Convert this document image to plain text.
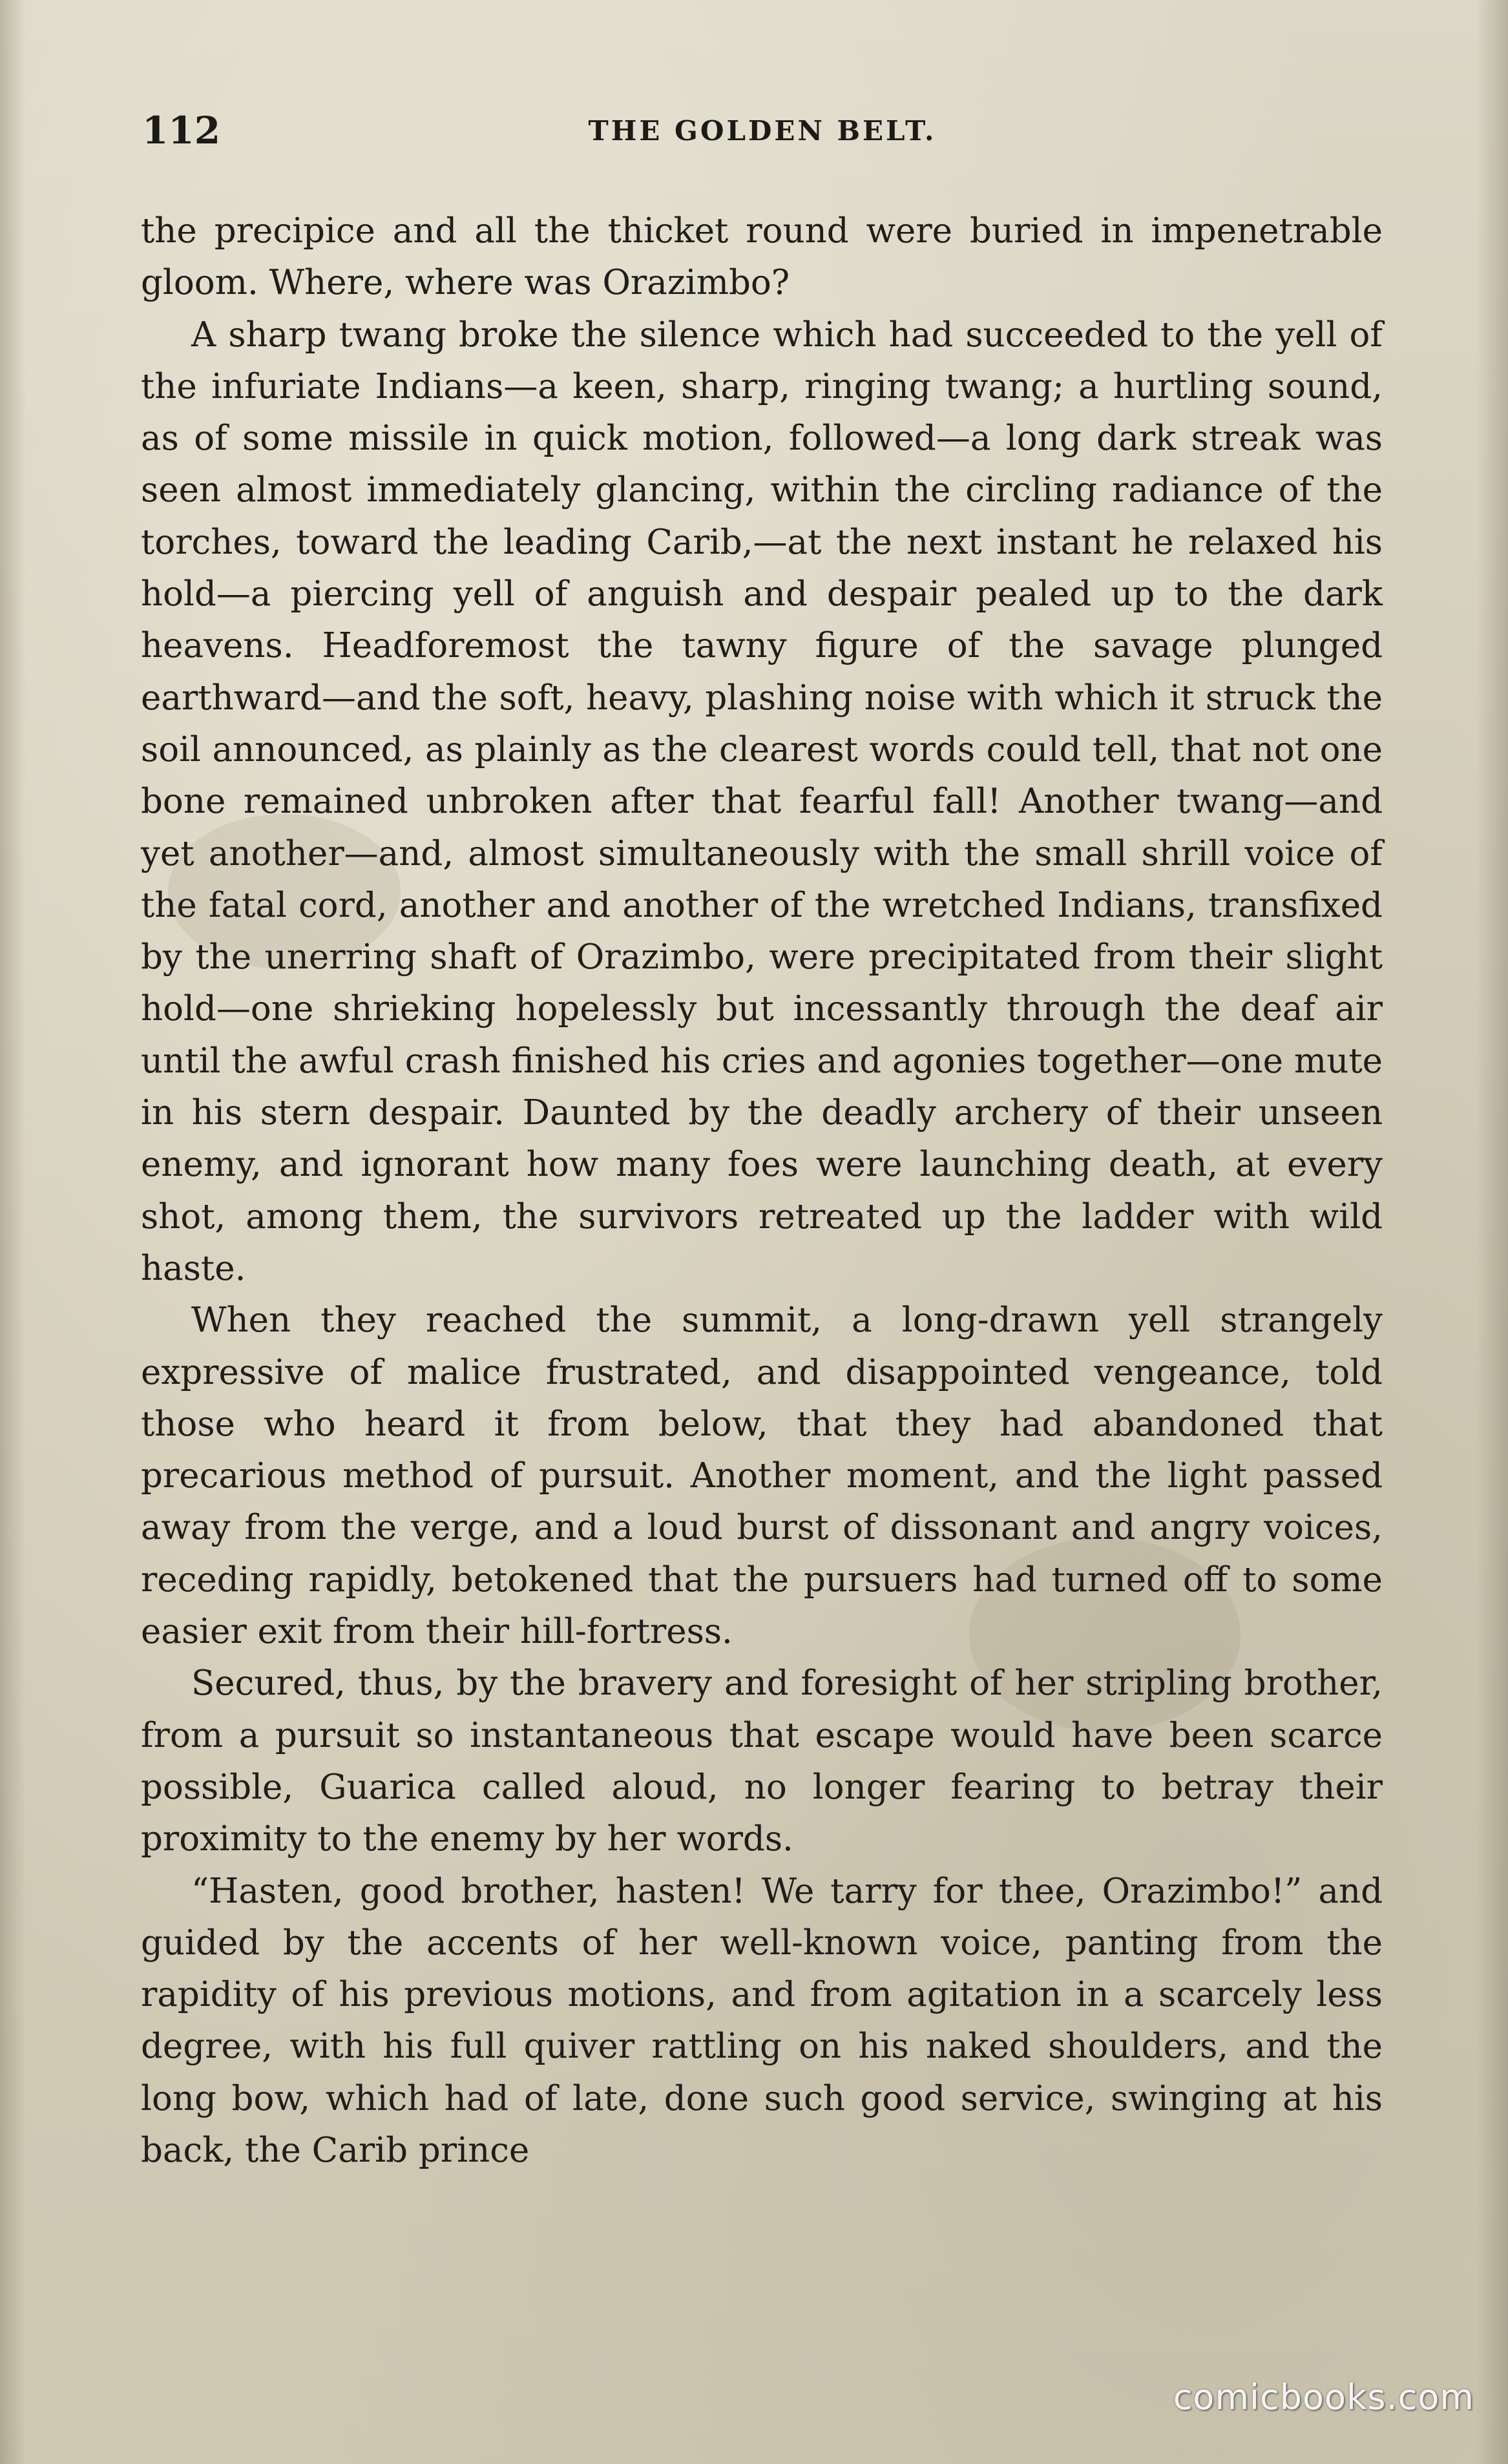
112	THE GOLDEN BELT.

the precipice and all the thicket round were buried in impenetrable gloom. Where, where was Orazimbo?

A sharp twang broke the silence which had succeeded to the yell of the infuriate Indians—a keen, sharp, ringing twang; a hurtling sound, as of some missile in quick motion, followed—a long dark streak was seen almost immediately glancing, within the circling radiance of the torches, toward the leading Carib,—at the next instant he relaxed his hold—a piercing yell of anguish and despair pealed up to the dark heavens. Headforemost the tawny figure of the savage plunged earthward—and the soft, heavy, plashing noise with which it struck the soil announced, as plainly as the clearest words could tell, that not one bone remained unbroken after that fearful fall! Another twang—and yet another—and, almost simultaneously with the small shrill voice of the fatal cord, another and another of the wretched Indians, transfixed by the unerring shaft of Orazimbo, were precipitated from their slight hold—one shrieking hopelessly but incessantly through the deaf air until the awful crash finished his cries and agonies together—one mute in his stern despair. Daunted by the deadly archery of their unseen enemy, and ignorant how many foes were launching death, at every shot, among them, the survivors retreated up the ladder with wild haste.

When they reached the summit, a long-drawn yell strangely expressive of malice frustrated, and disappointed vengeance, told those who heard it from below, that they had abandoned that precarious method of pursuit. Another moment, and the light passed away from the verge, and a loud burst of dissonant and angry voices, receding rapidly, betokened that the pursuers had turned off to some easier exit from their hill-fortress.

Secured, thus, by the bravery and foresight of her stripling brother, from a pursuit so instantaneous that escape would have been scarce possible, Guarica called aloud, no longer fearing to betray their proximity to the enemy by her words.

“Hasten, good brother, hasten! We tarry for thee, Orazimbo!” and guided by the accents of her well-known voice, panting from the rapidity of his previous motions, and from agitation in a scarcely less degree, with his full quiver rattling on his naked shoulders, and the long bow, which had of late, done such good service, swinging at his back, the Carib prince

comicbooks.com
